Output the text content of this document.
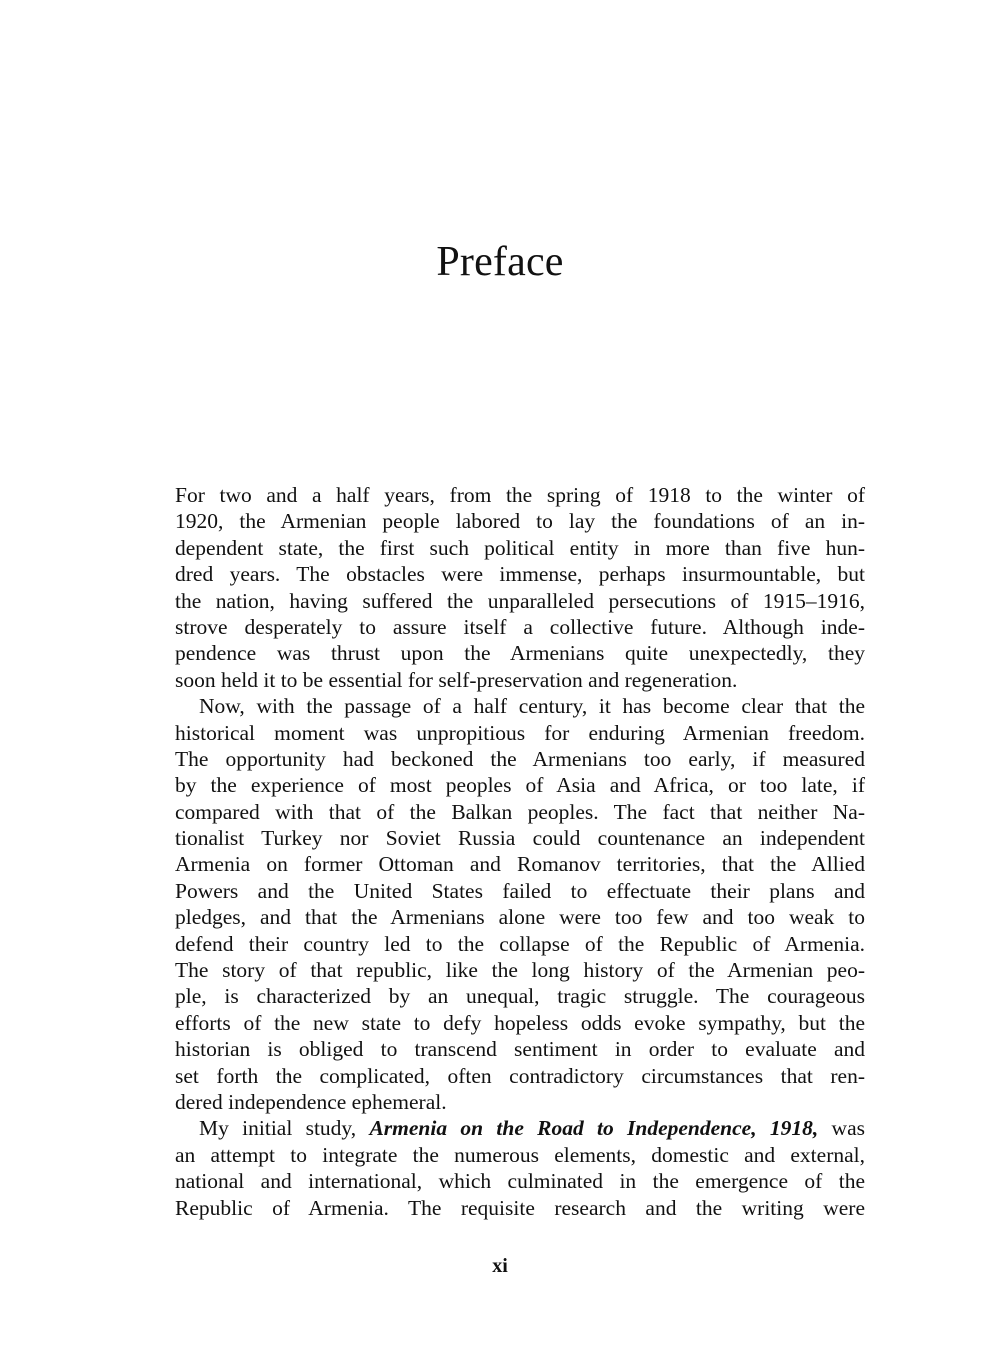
Preface
For two and a half years, from the spring of 1918 to the winter of
1920, the Armenian people labored to lay the foundations of an in-
dependent state, the first such political entity in more than five hun-
dred years. The obstacles were immense, perhaps insurmountable, but
the nation, having suffered the unparalleled persecutions of 1915–1916,
strove desperately to assure itself a collective future. Although inde-
pendence was thrust upon the Armenians quite unexpectedly, they
soon held it to be essential for self-preservation and regeneration.
Now, with the passage of a half century, it has become clear that the
historical moment was unpropitious for enduring Armenian freedom.
The opportunity had beckoned the Armenians too early, if measured
by the experience of most peoples of Asia and Africa, or too late, if
compared with that of the Balkan peoples. The fact that neither Na-
tionalist Turkey nor Soviet Russia could countenance an independent
Armenia on former Ottoman and Romanov territories, that the Allied
Powers and the United States failed to effectuate their plans and
pledges, and that the Armenians alone were too few and too weak to
defend their country led to the collapse of the Republic of Armenia.
The story of that republic, like the long history of the Armenian peo-
ple, is characterized by an unequal, tragic struggle. The courageous
efforts of the new state to defy hopeless odds evoke sympathy, but the
historian is obliged to transcend sentiment in order to evaluate and
set forth the complicated, often contradictory circumstances that ren-
dered independence ephemeral.
My initial study, Armenia on the Road to Independence, 1918, was
an attempt to integrate the numerous elements, domestic and external,
national and international, which culminated in the emergence of the
Republic of Armenia. The requisite research and the writing were
xi
